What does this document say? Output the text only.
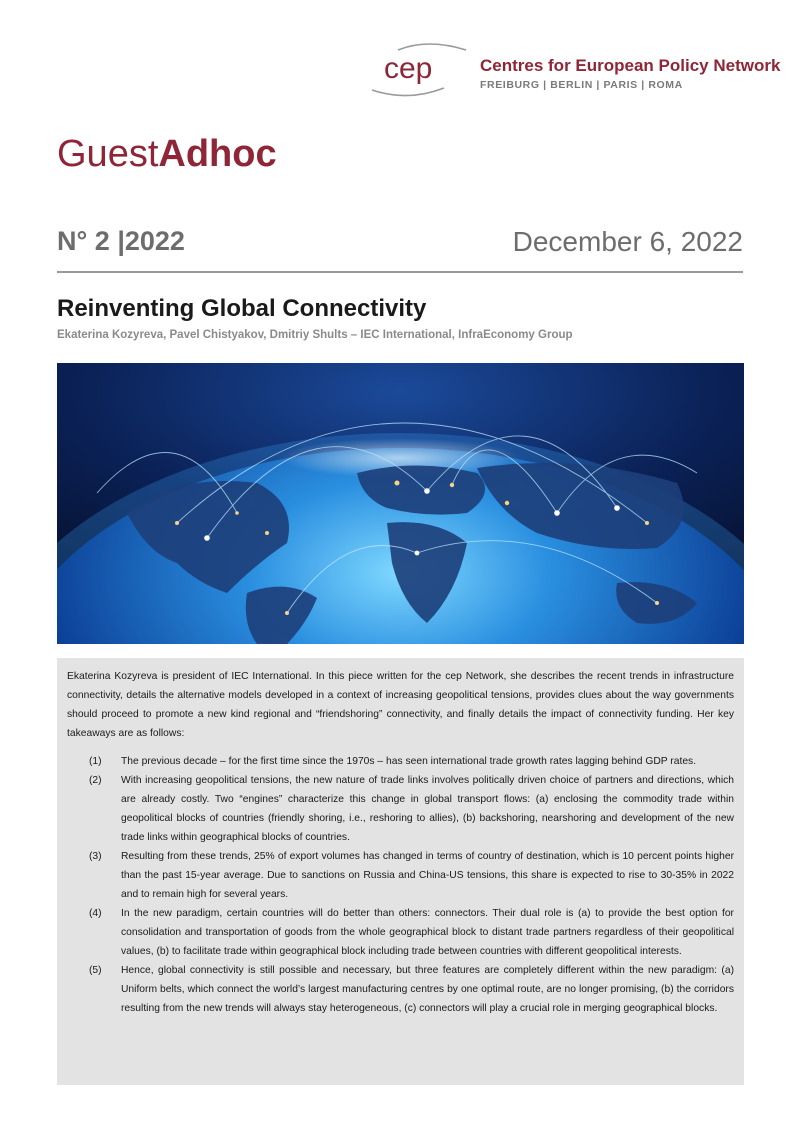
cep	Centres for European Policy Network
FREIBURG | BERLIN | PARIS | ROMA
GuestAdhoc
N° 2 |2022	December 6, 2022
Reinventing Global Connectivity
Ekaterina Kozyreva, Pavel Chistyakov, Dmitriy Shults – IEC International, InfraEconomy Group

Ekaterina Kozyreva is president of IEC International. In this piece written for the cep Network, she describes the recent trends in infrastructure connectivity, details the alternative models developed in a context of increasing geopolitical tensions, provides clues about the way governments should proceed to promote a new kind regional and “friendshoring” connectivity, and finally details the impact of connectivity funding. Her key takeaways are as follows:

(1)	The previous decade – for the first time since the 1970s – has seen international trade growth rates lagging behind GDP rates.
(2)	With increasing geopolitical tensions, the new nature of trade links involves politically driven choice of partners and directions, which are already costly. Two “engines” characterize this change in global transport flows: (a) enclosing the commodity trade within geopolitical blocks of countries (friendly shoring, i.e., reshoring to allies), (b) backshoring, nearshoring and development of the new trade links within geographical blocks of countries.
(3)	Resulting from these trends, 25% of export volumes has changed in terms of country of destination, which is 10 percent points higher than the past 15-year average. Due to sanctions on Russia and China-US tensions, this share is expected to rise to 30-35% in 2022 and to remain high for several years.
(4)	In the new paradigm, certain countries will do better than others: connectors. Their dual role is (a) to provide the best option for consolidation and transportation of goods from the whole geographical block to distant trade partners regardless of their geopolitical values, (b) to facilitate trade within geographical block including trade between countries with different geopolitical interests.
(5)	Hence, global connectivity is still possible and necessary, but three features are completely different within the new paradigm: (a) Uniform belts, which connect the world’s largest manufacturing centres by one optimal route, are no longer promising, (b) the corridors resulting from the new trends will always stay heterogeneous, (c) connectors will play a crucial role in merging geographical blocks.
